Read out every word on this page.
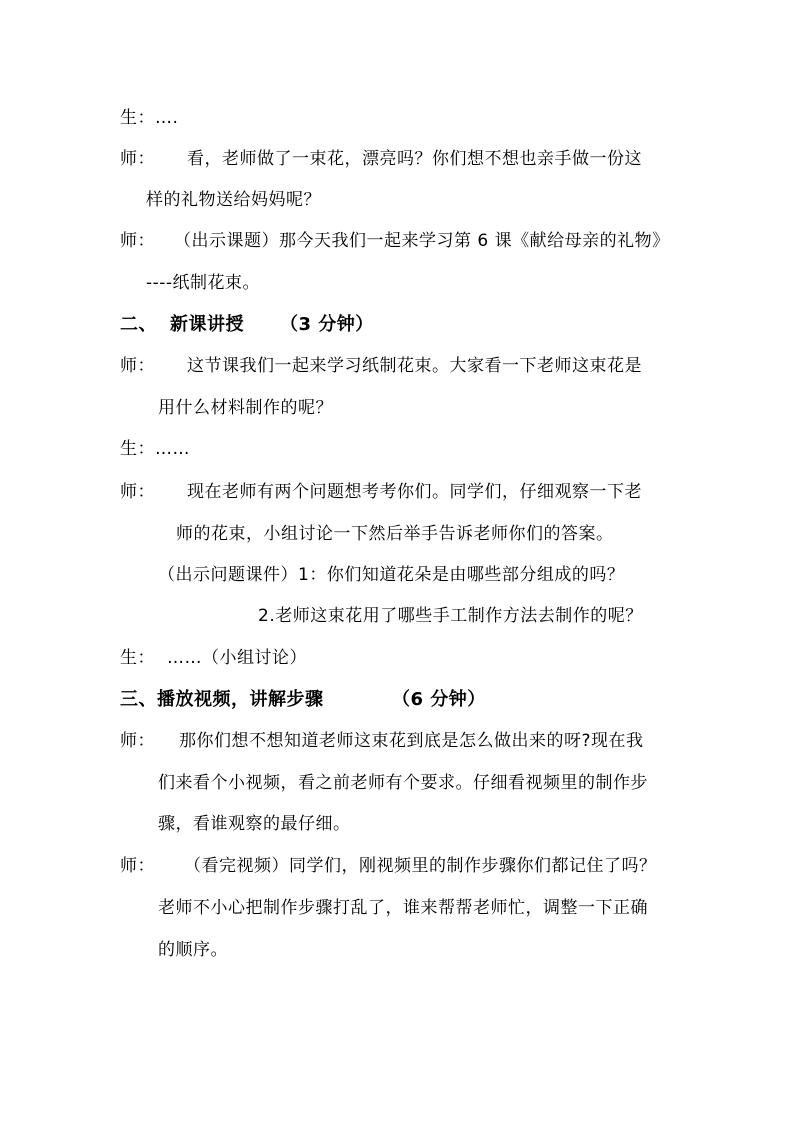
生：….
师： 看，老师做了一束花，漂亮吗？你们想不想也亲手做一份这
样的礼物送给妈妈呢？
师： （出示课题）那今天我们一起来学习第 6 课《献给母亲的礼物》
----纸制花束。
二、 新课讲授 （3 分钟）
师： 这节课我们一起来学习纸制花束。大家看一下老师这束花是
用什么材料制作的呢？
生：……
师： 现在老师有两个问题想考考你们。同学们，仔细观察一下老
师的花束，小组讨论一下然后举手告诉老师你们的答案。
（出示问题课件）1：你们知道花朵是由哪些部分组成的吗？
2.老师这束花用了哪些手工制作方法去制作的呢？
生： ……（小组讨论）
三、播放视频，讲解步骤	（6 分钟）
师： 那你们想不想知道老师这束花到底是怎么做出来的呀?现在我
们来看个小视频，看之前老师有个要求。仔细看视频里的制作步
骤，看谁观察的最仔细。
师： （看完视频）同学们，刚视频里的制作步骤你们都记住了吗？
老师不小心把制作步骤打乱了，谁来帮帮老师忙，调整一下正确
的顺序。
